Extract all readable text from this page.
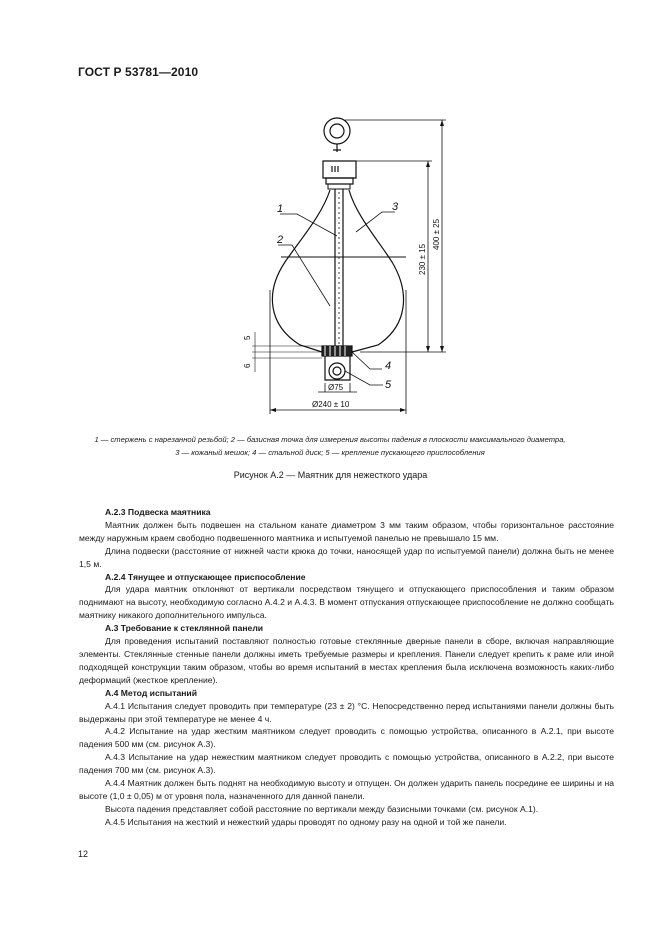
ГОСТ Р 53781—2010
1
2
3
4
5
Ø240 ± 10
Ø75
230 ± 15
400 ± 25
5
6
1 — стержень с нарезанной резьбой; 2 — базисная точка для измерения высоты падения в плоскости максимального диаметра,
3 — кожаный мешок; 4 — стальной диск; 5 — крепление пускающего приспособления
Рисунок А.2 — Маятник для нежесткого удара

А.2.3 Подвеска маятника

Маятник должен быть подвешен на стальном канате диаметром 3 мм таким образом, чтобы горизонтальное расстояние между наружным краем свободно подвешенного маятника и испытуемой панелью не превышало 15 мм.

Длина подвески (расстояние от нижней части крюка до точки, наносящей удар по испытуемой панели) должна быть не менее 1,5 м.

А.2.4 Тянущее и отпускающее приспособление

Для удара маятник отклоняют от вертикали посредством тянущего и отпускающего приспособления и таким образом поднимают на высоту, необходимую согласно А.4.2 и А.4.3. В момент отпускания отпускающее приспособление не должно сообщать маятнику никакого дополнительного импульса.

А.3 Требование к стеклянной панели

Для проведения испытаний поставляют полностью готовые стеклянные дверные панели в сборе, включая направляющие элементы. Стеклянные стенные панели должны иметь требуемые размеры и крепления. Панели следует крепить к раме или иной подходящей конструкции таким образом, чтобы во время испытаний в местах крепления была исключена возможность каких-либо деформаций (жесткое крепление).

А.4 Метод испытаний

А.4.1 Испытания следует проводить при температуре (23 ± 2) °С. Непосредственно перед испытаниями панели должны быть выдержаны при этой температуре не менее 4 ч.

А.4.2 Испытание на удар жестким маятником следует проводить с помощью устройства, описанного в А.2.1, при высоте падения 500 мм (см. рисунок А.3).

А.4.3 Испытание на удар нежестким маятником следует проводить с помощью устройства, описанного в А.2.2, при высоте падения 700 мм (см. рисунок А.3).

А.4.4 Маятник должен быть поднят на необходимую высоту и отпущен. Он должен ударить панель посредине ее ширины и на высоте (1,0 ± 0,05) м от уровня пола, назначенного для данной панели.

Высота падения представляет собой расстояние по вертикали между базисными точками (см. рисунок А.1).

А.4.5 Испытания на жесткий и нежесткий удары проводят по одному разу на одной и той же панели.

12
